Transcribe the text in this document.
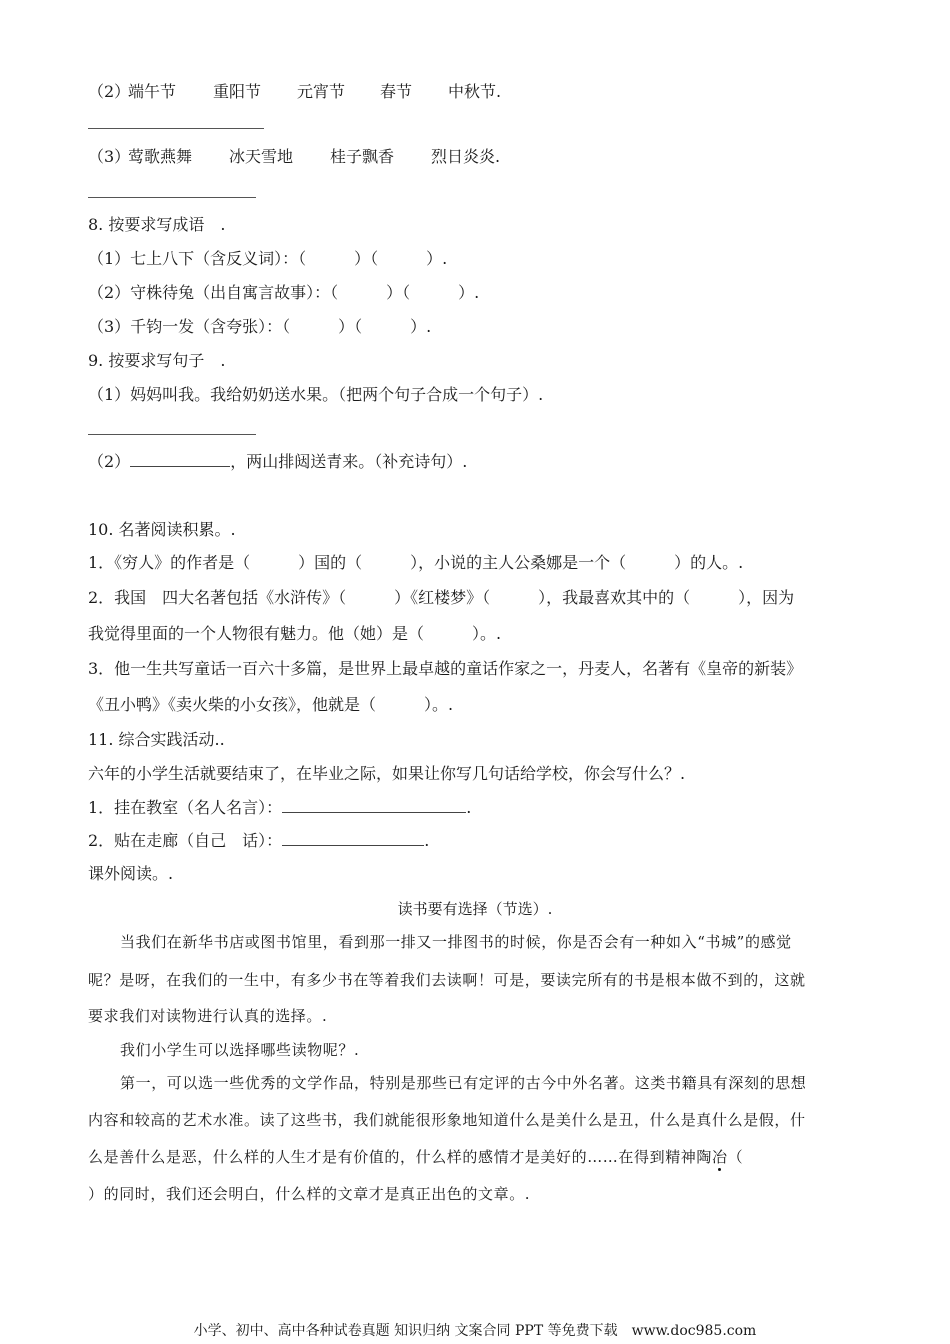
（2）
端午节 重阳节 元宵节 春节 中秋节.
（3）
莺歌燕舞 冰天雪地 桂子飘香 烈日炎炎.
8. 按要求写成语　.
（1）七上八下（含反义词）：（　　　）（　　　）.
（2）守株待兔（出自寓言故事）：（　　　）（　　　）.
（3）千钧一发（含夸张）：（　　　）（　　　）.
9. 按要求写句子　.
（1）妈妈叫我。我给奶奶送水果。（把两个句子合成一个句子）.
（2）	，两山排闼送青来。（补充诗句）.
10. 名著阅读积累。.
1．《穷人》的作者是（　　　）国的（　　　），小说的主人公桑娜是一个（　　　）的人。.
2．我国　四大名著包括《水浒传》（　　　）《红楼梦》（　　　），我最喜欢其中的（　　　），因为
我觉得里面的一个人物很有魅力。他（她）是（　　　）。.
3．他一生共写童话一百六十多篇，是世界上最卓越的童话作家之一，丹麦人，名著有《皇帝的新装》
《丑小鸭》《卖火柴的小女孩》，他就是（　　　）。.
11. 综合实践活动..
六年的小学生活就要结束了，在毕业之际，如果让你写几句话给学校，你会写什么？.
1．挂在教室（名人名言）：	.
2．贴在走廊（自己　话）：	.
课外阅读。.
读书要有选择（节选）.
当我们在新华书店或图书馆里，看到那一排又一排图书的时候，你是否会有一种如入“书城”的感觉
呢？是呀，在我们的一生中，有多少书在等着我们去读啊！可是，要读完所有的书是根本做不到的，这就
要求我们对读物进行认真的选择。.
我们小学生可以选择哪些读物呢？.
第一，可以选一些优秀的文学作品，特别是那些已有定评的古今中外名著。这类书籍具有深刻的思想
内容和较高的艺术水准。读了这些书，我们就能很形象地知道什么是美什么是丑，什么是真什么是假，什
么是善什么是恶，什么样的人生才是有价值的，什么样的感情才是美好的……在得到精神陶冶（
）的同时，我们还会明白，什么样的文章才是真正出色的文章。.
小学、初中、高中各种试卷真题 知识归纳 文案合同 PPT 等免费下载　www.doc985.com
